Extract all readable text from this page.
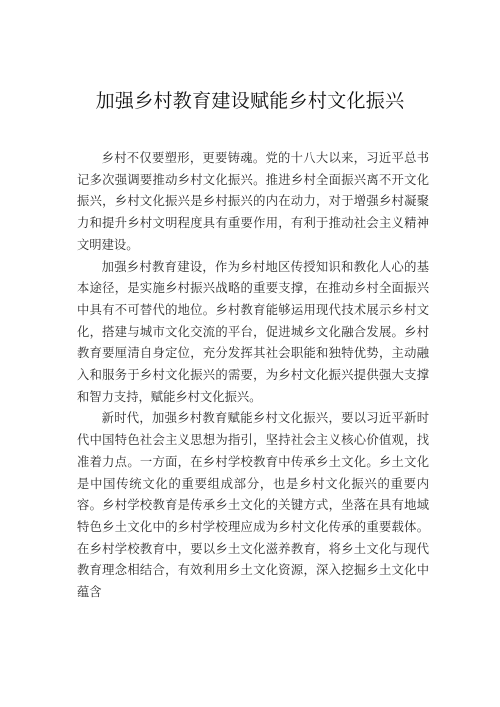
加强乡村教育建设赋能乡村文化振兴

乡村不仅要塑形，更要铸魂。党的十八大以来，习近平总书记多次强调要推动乡村文化振兴。推进乡村全面振兴离不开文化振兴，乡村文化振兴是乡村振兴的内在动力，对于增强乡村凝聚力和提升乡村文明程度具有重要作用，有利于推动社会主义精神文明建设。

加强乡村教育建设，作为乡村地区传授知识和教化人心的基本途径，是实施乡村振兴战略的重要支撑，在推动乡村全面振兴中具有不可替代的地位。乡村教育能够运用现代技术展示乡村文化，搭建与城市文化交流的平台，促进城乡文化融合发展。乡村教育要厘清自身定位，充分发挥其社会职能和独特优势，主动融入和服务于乡村文化振兴的需要，为乡村文化振兴提供强大支撑和智力支持，赋能乡村文化振兴。

新时代，加强乡村教育赋能乡村文化振兴，要以习近平新时代中国特色社会主义思想为指引，坚持社会主义核心价值观，找准着力点。一方面，在乡村学校教育中传承乡土文化。乡土文化是中国传统文化的重要组成部分，也是乡村文化振兴的重要内容。乡村学校教育是传承乡土文化的关键方式，坐落在具有地域特色乡土文化中的乡村学校理应成为乡村文化传承的重要载体。在乡村学校教育中，要以乡土文化滋养教育，将乡土文化与现代教育理念相结合，有效利用乡土文化资源，深入挖掘乡土文化中蕴含
